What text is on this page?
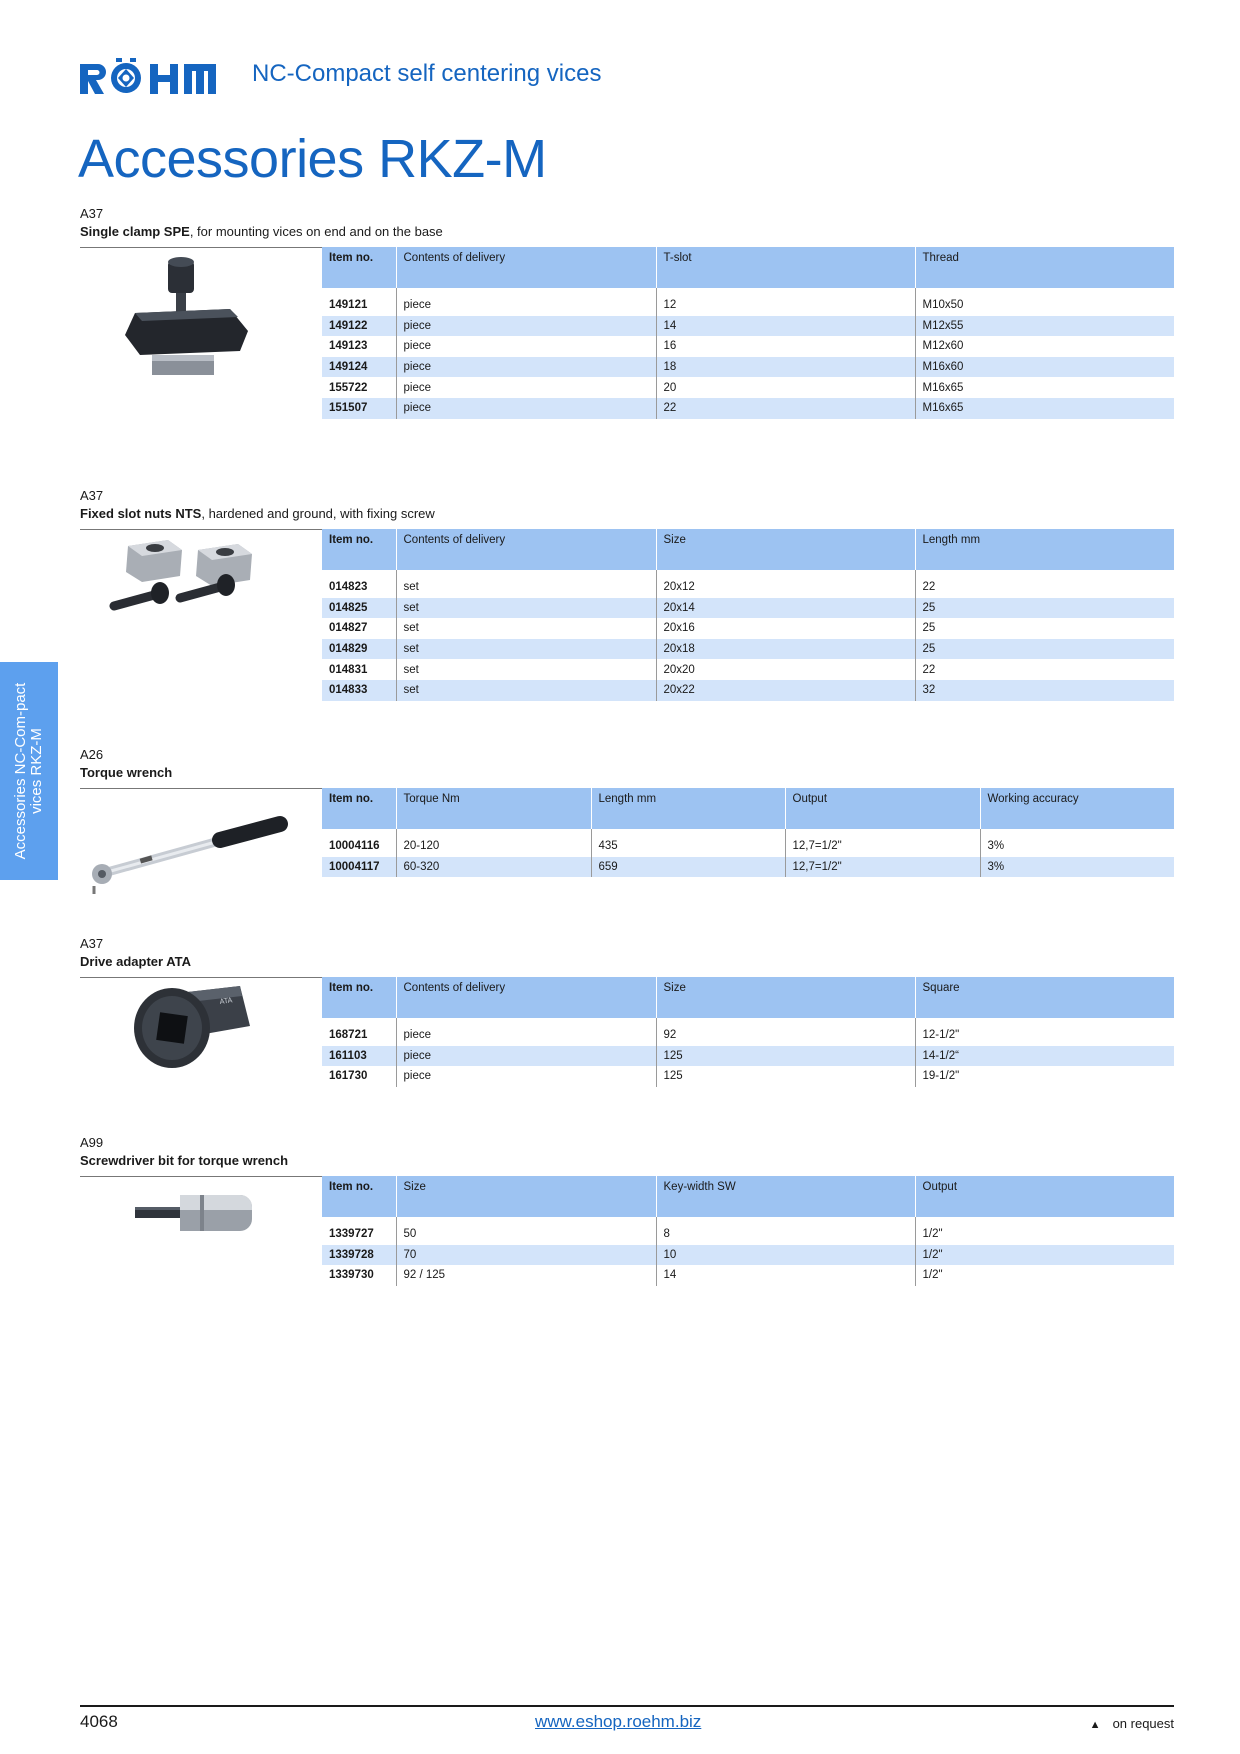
NC-Compact self centering vices
Accessories RKZ-M
A37
Single clamp SPE, for mounting vices on end and on the base
Item no.	Contents of delivery	T-slot	Thread

149121	piece	12	M10x50
149122	piece	14	M12x55
149123	piece	16	M12x60
149124	piece	18	M16x60
155722	piece	20	M16x65
151507	piece	22	M16x65
A37
Fixed slot nuts NTS, hardened and ground, with fixing screw
Item no.	Contents of delivery	Size	Length mm

014823	set	20x12	22
014825	set	20x14	25
014827	set	20x16	25
014829	set	20x18	25
014831	set	20x20	22
014833	set	20x22	32
A26
Torque wrench
Item no.	Torque Nm	Length mm	Output	Working accuracy

10004116	20-120	435	12,7=1/2"	3%
10004117	60-320	659	12,7=1/2"	3%
A37
Drive adapter ATA
ATA
Item no.	Contents of delivery	Size	Square

168721	piece	92	12-1/2"
161103	piece	125	14-1/2“
161730	piece	125	19-1/2"
A99
Screwdriver bit for torque wrench
Item no.	Size	Key-width SW	Output

1339727	50	8	1/2"
1339728	70	10	1/2"
1339730	92 / 125	14	1/2"
Accessories NC-Com-pact vices RKZ-M
4068	www.eshop.roehm.biz	▲ on request
